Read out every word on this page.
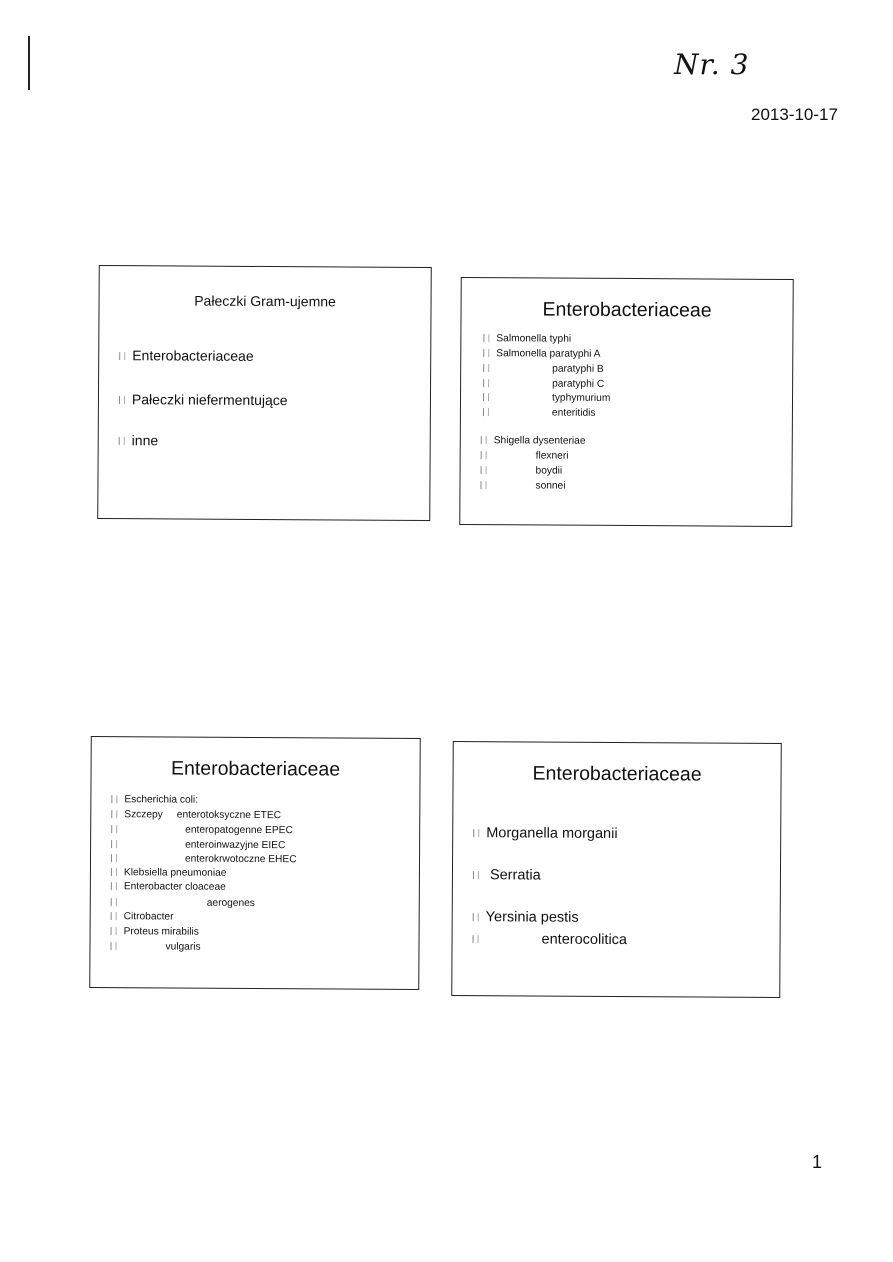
Nr. 3
2013-10-17
Pałeczki Gram-ujemne
Enterobacteriaceae
Pałeczki niefermentujące
inne
Enterobacteriaceae
Salmonella typhi
Salmonella paratyphi A
paratyphi B
paratyphi C
typhymurium
enteritidis
Shigella dysenteriae
flexneri
boydii
sonnei
Enterobacteriaceae
Escherichia coli:
Szczepy enterotoksyczne ETEC
enteropatogenne EPEC
enteroinwazyjne EIEC
enterokrwotoczne EHEC
Klebsiella pneumoniae
Enterobacter cloaceae
aerogenes
Citrobacter
Proteus mirabilis
vulgaris
Enterobacteriaceae
Morganella morganii
Serratia
Yersinia pestis
enterocolitica
1
